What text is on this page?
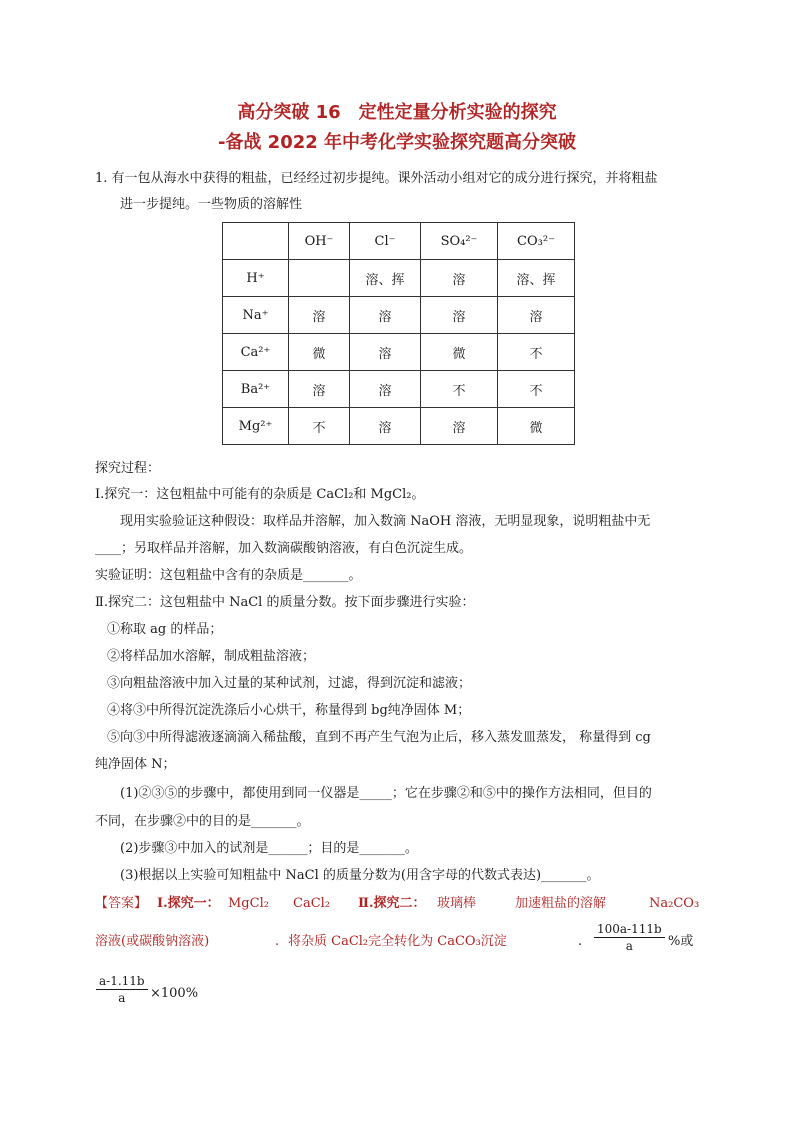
高分突破 16　定性定量分析实验的探究
-备战 2022 年中考化学实验探究题高分突破
1. 有一包从海水中获得的粗盐，已经经过初步提纯。课外活动小组对它的成分进行探究，并将粗盐
进一步提纯。一些物质的溶解性
	OH⁻	Cl⁻	SO₄²⁻	CO₃²⁻
H⁺		溶、挥	溶	溶、挥
Na⁺	溶	溶	溶	溶
Ca²⁺	微	溶	微	不
Ba²⁺	溶	溶	不	不
Mg²⁺	不	溶	溶	微
探究过程：
Ⅰ.探究一：这包粗盐中可能有的杂质是 CaCl₂和 MgCl₂。
现用实验验证这种假设：取样品并溶解，加入数滴 NaOH 溶液，无明显现象，说明粗盐中无
____；另取样品并溶解，加入数滴碳酸钠溶液，有白色沉淀生成。
实验证明：这包粗盐中含有的杂质是_______。
Ⅱ.探究二：这包粗盐中 NaCl 的质量分数。按下面步骤进行实验：
①称取 ag 的样品；
②将样品加水溶解，制成粗盐溶液；
③向粗盐溶液中加入过量的某种试剂，过滤，得到沉淀和滤液；
④将③中所得沉淀洗涤后小心烘干，称量得到 bg纯净固体 M；
⑤向③中所得滤液逐滴滴入稀盐酸，直到不再产生气泡为止后，移入蒸发皿蒸发， 称量得到 cg
纯净固体 N；
(1)②③⑤的步骤中，都使用到同一仪器是_____；它在步骤②和⑤中的操作方法相同，但目的
不同，在步骤②中的目的是_______。
(2)步骤③中加入的试剂是______；目的是_______。
(3)根据以上实验可知粗盐中 NaCl 的质量分数为(用含字母的代数式表达)_______。
【答案】 Ⅰ.探究一： MgCl₂ CaCl₂ Ⅱ.探究二： 玻璃棒	加速粗盐的溶解	Na₂CO₃
溶液(或碳酸钠溶液)	. 将杂质 CaCl₂完全转化为 CaCO₃沉淀	. $\frac{100a-111b}{a}$ %或
$\frac{a-1.11b}{a} \times 100\%$
